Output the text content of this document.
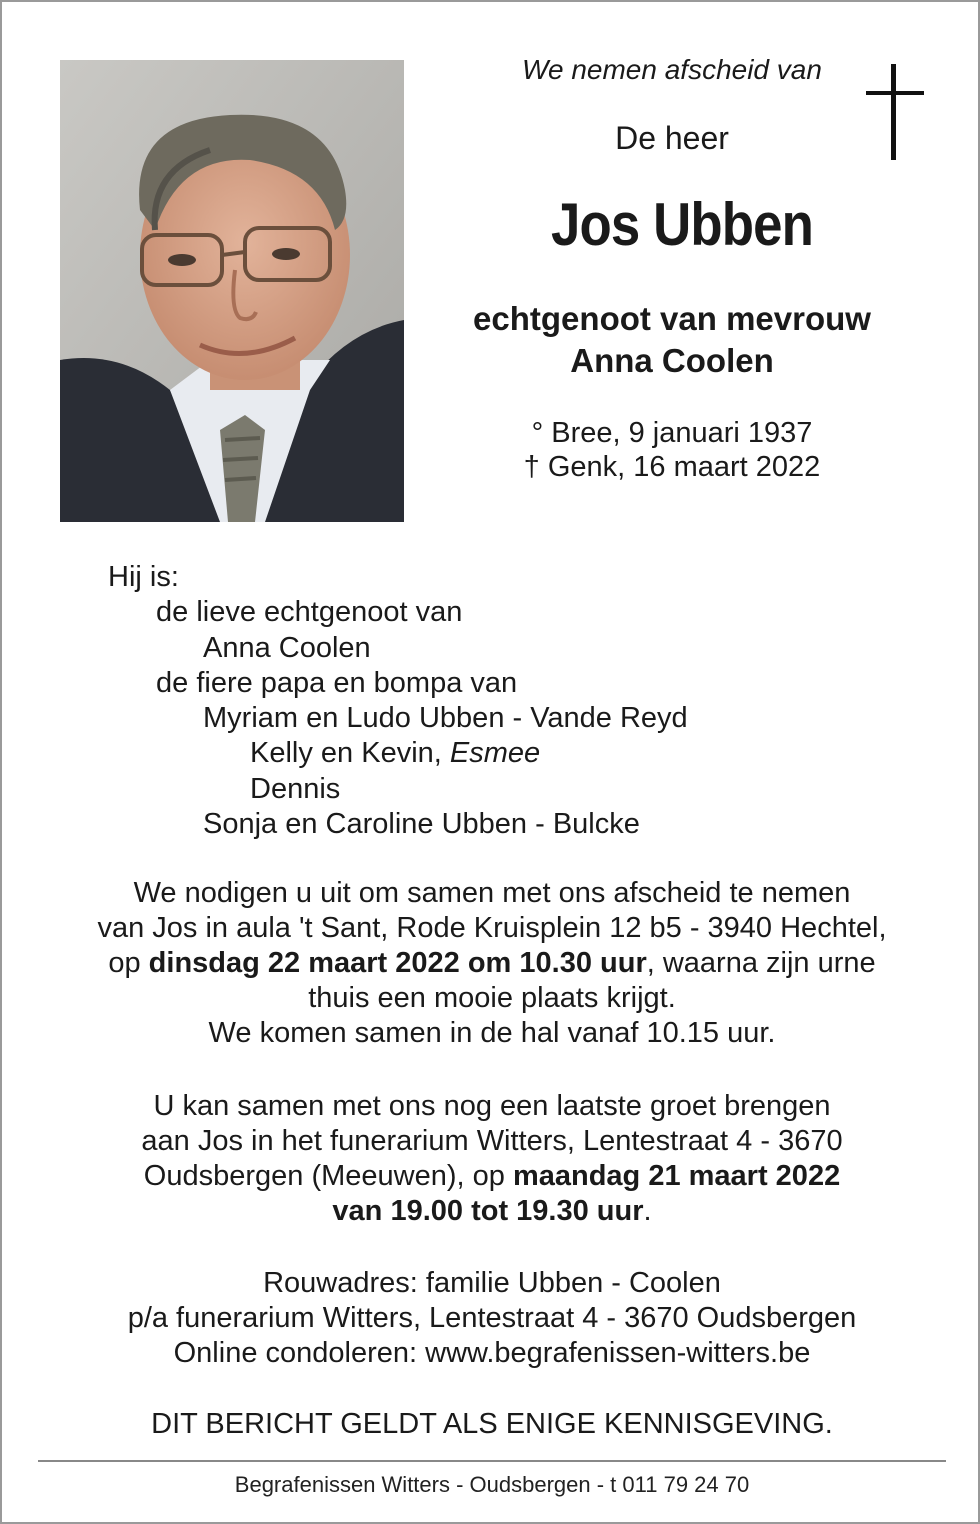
We nemen afscheid van
De heer
Jos Ubben
echtgenoot van mevrouw
Anna Coolen
° Bree, 9 januari 1937
† Genk, 16 maart 2022
Hij is:
de lieve echtgenoot van
Anna Coolen
de fiere papa en bompa van
Myriam en Ludo Ubben - Vande Reyd
Kelly en Kevin, Esmee
Dennis
Sonja en Caroline Ubben - Bulcke
We nodigen u uit om samen met ons afscheid te nemen
van Jos in aula 't Sant, Rode Kruisplein 12 b5 - 3940 Hechtel,
op dinsdag 22 maart 2022 om 10.30 uur, waarna zijn urne
thuis een mooie plaats krijgt.
We komen samen in de hal vanaf 10.15 uur.
U kan samen met ons nog een laatste groet brengen
aan Jos in het funerarium Witters, Lentestraat 4 - 3670
Oudsbergen (Meeuwen), op maandag 21 maart 2022
van 19.00 tot 19.30 uur.
Rouwadres: familie Ubben - Coolen
p/a funerarium Witters, Lentestraat 4 - 3670 Oudsbergen
Online condoleren: www.begrafenissen-witters.be
DIT BERICHT GELDT ALS ENIGE KENNISGEVING.
Begrafenissen Witters - Oudsbergen - t 011 79 24 70
